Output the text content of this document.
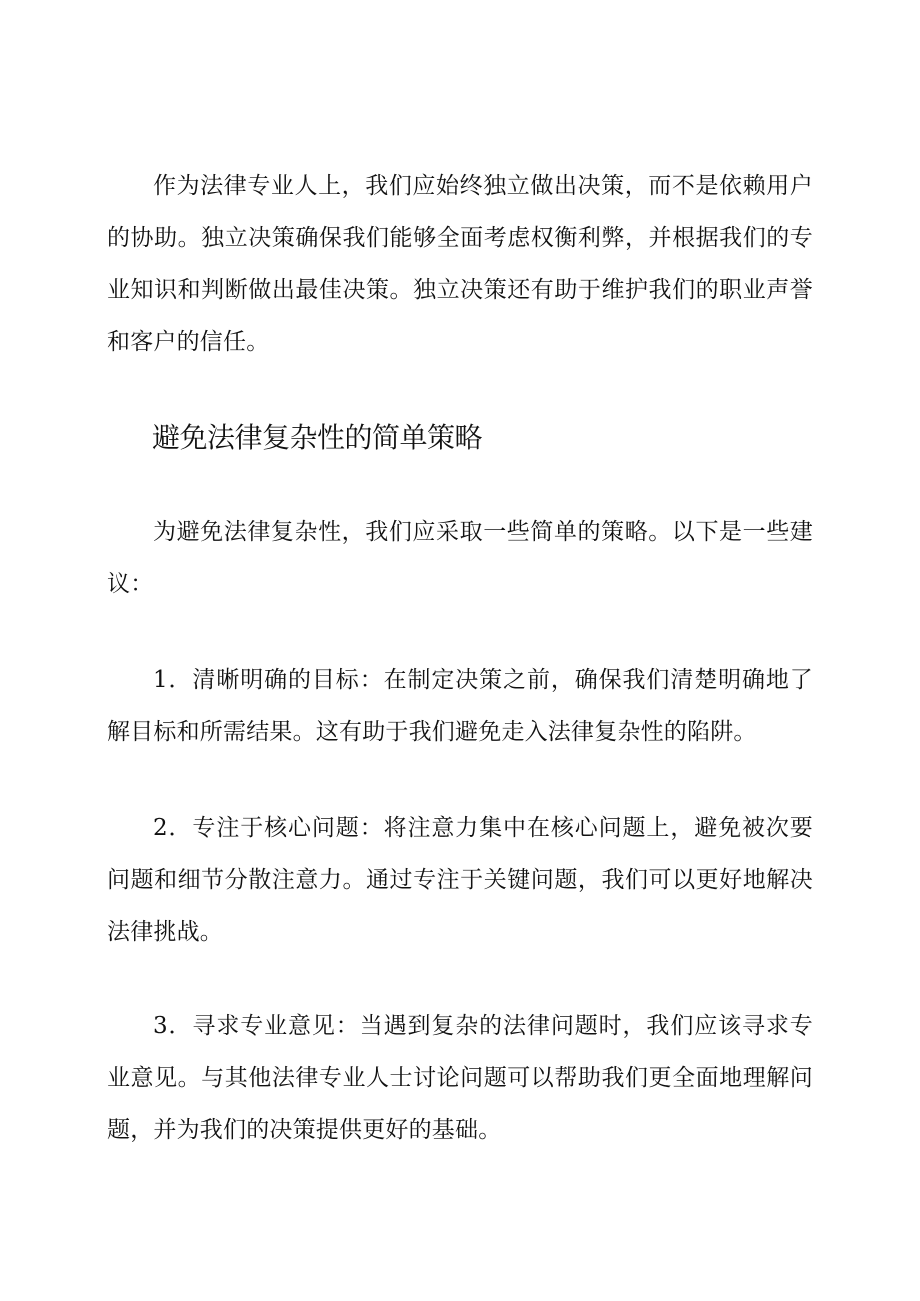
作为法律专业人上，我们应始终独立做出决策，而不是依赖用户的协助。独立决策确保我们能够全面考虑权衡利弊，并根据我们的专业知识和判断做出最佳决策。独立决策还有助于维护我们的职业声誉和客户的信任。

避免法律复杂性的简单策略

为避免法律复杂性，我们应采取一些简单的策略。以下是一些建议：

1．清晰明确的目标：在制定决策之前，确保我们清楚明确地了解目标和所需结果。这有助于我们避免走入法律复杂性的陷阱。

2．专注于核心问题：将注意力集中在核心问题上，避免被次要问题和细节分散注意力。通过专注于关键问题，我们可以更好地解决法律挑战。

3．寻求专业意见：当遇到复杂的法律问题时，我们应该寻求专业意见。与其他法律专业人士讨论问题可以帮助我们更全面地理解问题，并为我们的决策提供更好的基础。
